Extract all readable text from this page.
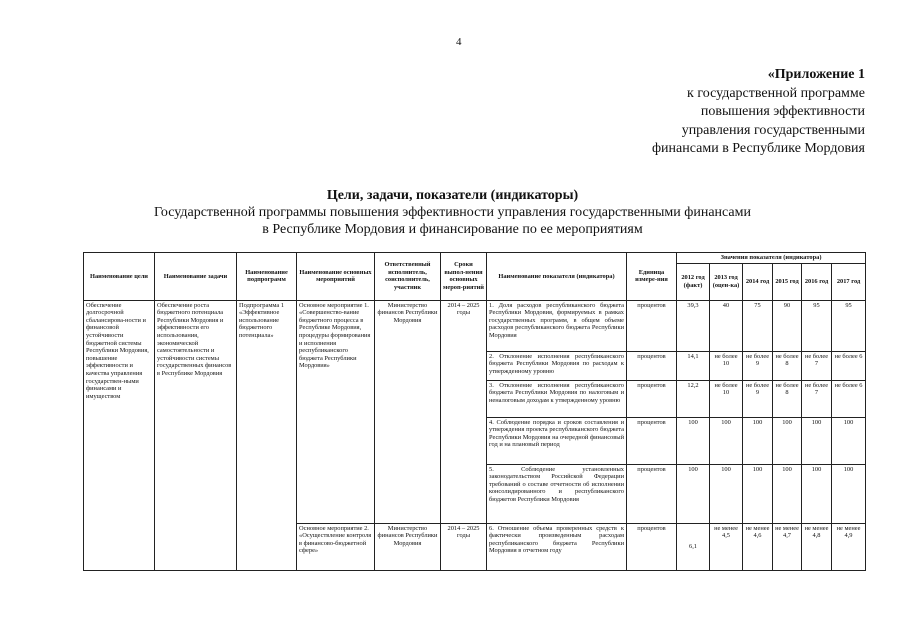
4
«Приложение 1
к государственной программе
повышения эффективности
управления государственными
финансами в Республике Мордовия
Цели, задачи, показатели (индикаторы)
Государственной программы повышения эффективности управления государственными финансами
в Республике Мордовия и финансирование по ее мероприятиям
Наименование цели	Наименование задачи	Наименование подпрограмм	Наименование основных мероприятий	Ответственный исполнитель, соисполнитель, участник	Сроки выпол-нения основных мероп-риятий	Наименование показателя (индикатора)	Единица измере-ния	Значения показателя (индикатора)					
								2012 год (факт)	2013 год (оцен-ка)	2014 год	2015 год	2016 год	2017 год
Обеспечение долгосрочной сбалансирова-ности и финансовой устойчивости бюджетной системы Республики Мордовия, повышение эффективности и качества управления государствен-ными финансами и имуществом	Обеспечение роста бюджетного потенциала Республики Мордовия и эффективности его использования, экономической самостоятельности и устойчивости системы государственных финансов в Республике Мордовия	Подпрограмма 1 «Эффективное использование бюджетного потенциала»	Основное мероприятие 1. «Совершенство-вание бюджетного процесса в Республике Мордовия, процедуры формирования и исполнения республиканского бюджета Республики Мордовия»	Министерство финансов Республики Мордовия	2014 – 2025 годы	1. Доля расходов республиканского бюджета Республики Мордовия, формируемых в рамках государственных программ, в общем объеме расходов республиканского бюджета Республики Мордовия	процентов	39,3	40	75	90	95	95
						2. Отклонение исполнения республиканского бюджета Республики Мордовия по расходам к утвержденному уровню	процентов	14,1	не более 10	не более 9	не более 8	не более 7	не более 6
						3. Отклонение исполнения республиканского бюджета Республики Мордовия по налоговым и неналоговым доходам к утвержденному уровню	процентов	12,2	не более 10	не более 9	не более 8	не более 7	не более 6
						4. Соблюдение порядка и сроков составления и утверждения проекта республиканского бюджета Республики Мордовия на очередной финансовый год и на плановый период	процентов	100	100	100	100	100	100
						5. Соблюдение установленных законодательством Российской Федерации требований о составе отчетности об исполнении консолидированного и республиканского бюджетов Республики Мордовия	процентов	100	100	100	100	100	100
			Основное мероприятие 2. «Осуществление контроля в финансово-бюджетной сфере»	Министерство финансов Республики Мордовия	2014 – 2025 годы	6. Отношение объема проверенных средств к фактически произведенным расходам республиканского бюджета Республики Мордовия в отчетном году	процентов	6,1	не менее 4,5	не менее 4,6	не менее 4,7	не менее 4,8	не менее 4,9
